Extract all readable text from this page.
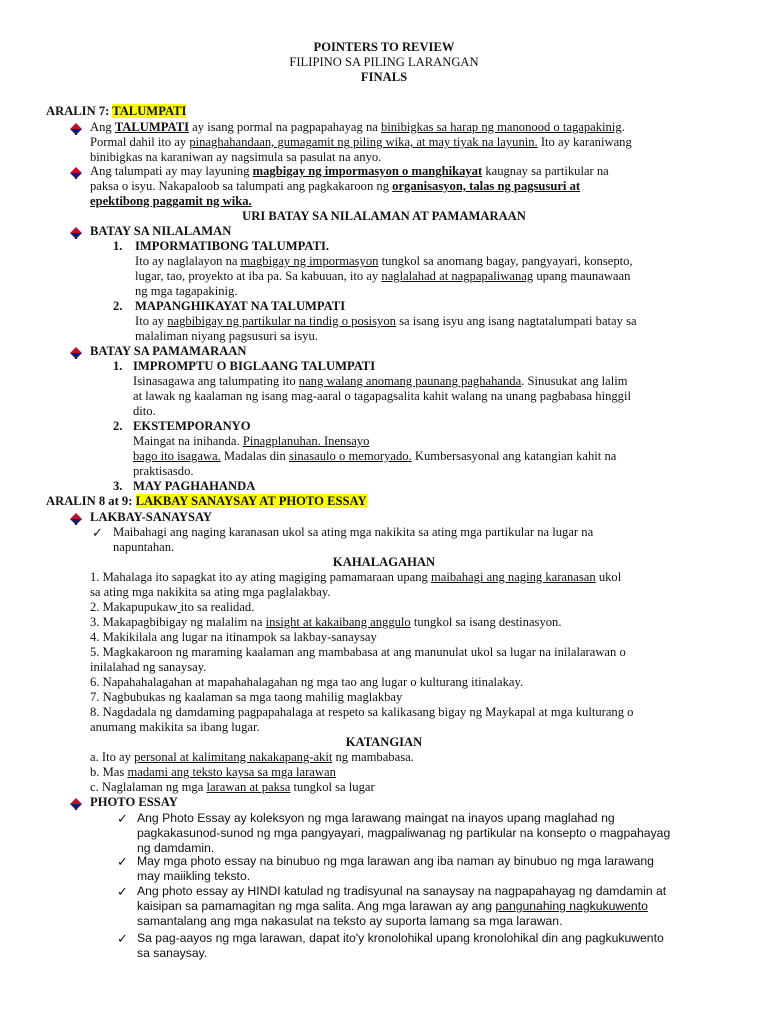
POINTERS TO REVIEW
FILIPINO SA PILING LARANGAN
FINALS
ARALIN 7: TALUMPATI
Ang TALUMPATI ay isang pormal na pagpapahayag na binibigkas sa harap ng manonood o tagapakinig.
Pormal dahil ito ay pinaghahandaan, gumagamit ng piling wika, at may tiyak na layunin. Ito ay karaniwang
binibigkas na karaniwan ay nagsimula sa pasulat na anyo.
Ang talumpati ay may layuning magbigay ng impormasyon o manghikayat kaugnay sa partikular na
paksa o isyu. Nakapaloob sa talumpati ang pagkakaroon ng organisasyon, talas ng pagsusuri at
epektibong paggamit ng wika.
URI BATAY SA NILALAMAN AT PAMAMARAAN
BATAY SA NILALAMAN
1. IMPORMATIBONG TALUMPATI.
Ito ay naglalayon na magbigay ng impormasyon tungkol sa anomang bagay, pangyayari, konsepto,
lugar, tao, proyekto at iba pa. Sa kabuuan, ito ay naglalahad at nagpapaliwanag upang maunawaan
ng mga tagapakinig.
2. MAPANGHIKAYAT NA TALUMPATI
Ito ay nagbibigay ng partikular na tindig o posisyon sa isang isyu ang isang nagtatalumpati batay sa
malaliman niyang pagsusuri sa isyu.
BATAY SA PAMAMARAAN
1. IMPROMPTU O BIGLAANG TALUMPATI
Isinasagawa ang talumpating ito nang walang anomang paunang paghahanda. Sinusukat ang lalim
at lawak ng kaalaman ng isang mag-aaral o tagapagsalita kahit walang na unang pagbabasa hinggil
dito.
2. EKSTEMPORANYO
Maingat na inihanda. Pinagplanuhan. Inensayo
bago ito isagawa. Madalas din sinasaulo o memoryado. Kumbersasyonal ang katangian kahit na
praktisasdo.
3. MAY PAGHAHANDA
ARALIN 8 at 9: LAKBAY SANAYSAY AT PHOTO ESSAY
LAKBAY-SANAYSAY
✓ Maibahagi ang naging karanasan ukol sa ating mga nakikita sa ating mga partikular na lugar na
napuntahan.
KAHALAGAHAN
1. Mahalaga ito sapagkat ito ay ating magiging pamamaraan upang maibahagi ang naging karanasan ukol
sa ating mga nakikita sa ating mga paglalakbay.
2. Makapupukaw ito sa realidad.
3. Makapagbibigay ng malalim na insight at kakaibang anggulo tungkol sa isang destinasyon.
4. Makikilala ang lugar na itinampok sa lakbay-sanaysay
5. Magkakaroon ng maraming kaalaman ang mambabasa at ang manunulat ukol sa lugar na inilalarawan o
inilalahad ng sanaysay.
6. Napahahalagahan at mapahahalagahan ng mga tao ang lugar o kulturang itinalakay.
7. Nagbubukas ng kaalaman sa mga taong mahilig maglakbay
8. Nagdadala ng damdaming pagpapahalaga at respeto sa kalikasang bigay ng Maykapal at mga kulturang o
anumang makikita sa ibang lugar.
KATANGIAN
a. Ito ay personal at kalimitang nakakapang-akit ng mambabasa.
b. Mas madami ang teksto kaysa sa mga larawan
c. Naglalaman ng mga larawan at paksa tungkol sa lugar
PHOTO ESSAY
✓ Ang Photo Essay ay koleksyon ng mga larawang maingat na inayos upang maglahad ng
pagkakasunod-sunod ng mga pangyayari, magpaliwanag ng partikular na konsepto o magpahayag
ng damdamin.
✓ May mga photo essay na binubuo ng mga larawan ang iba naman ay binubuo ng mga larawang
may maiikling teksto.
✓ Ang photo essay ay HINDI katulad ng tradisyunal na sanaysay na nagpapahayag ng damdamin at
kaisipan sa pamamagitan ng mga salita. Ang mga larawan ay ang pangunahing nagkukuwento
samantalang ang mga nakasulat na teksto ay suporta lamang sa mga larawan.
✓ Sa pag-aayos ng mga larawan, dapat ito'y kronolohikal upang kronolohikal din ang pagkukuwento
sa sanaysay.
